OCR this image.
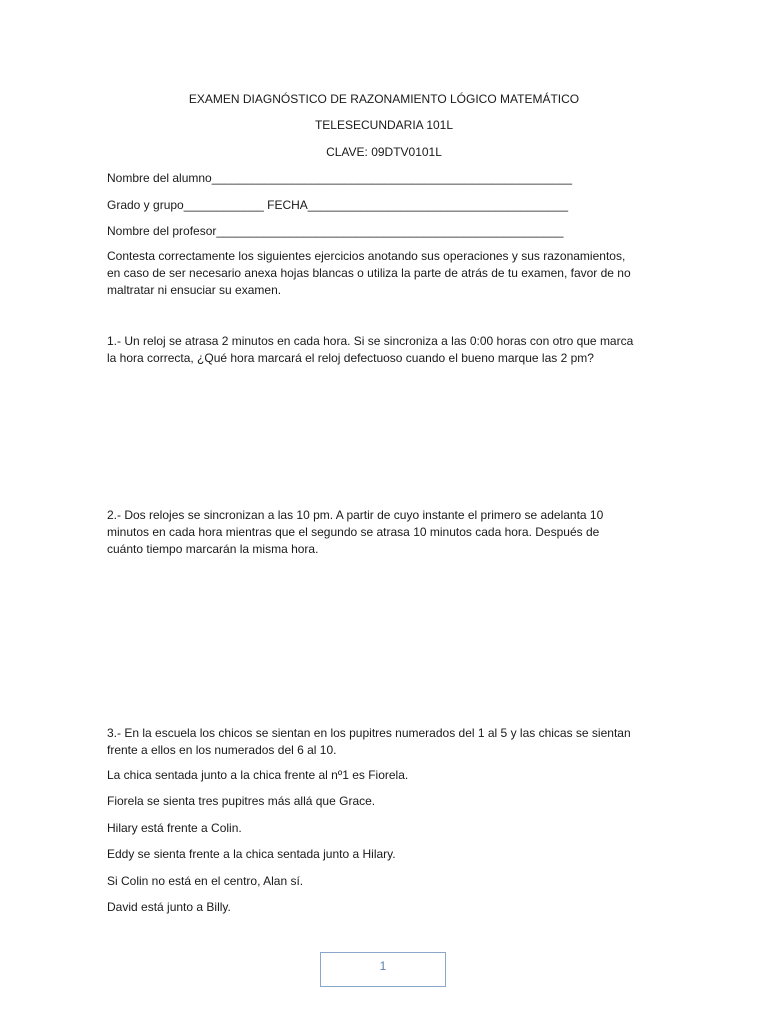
EXAMEN DIAGNÓSTICO DE RAZONAMIENTO LÓGICO MATEMÁTICO
TELESECUNDARIA 101L
CLAVE: 09DTV0101L
Nombre del alumno______________________________________________________
Grado y grupo____________ FECHA_______________________________________
Nombre del profesor____________________________________________________
Contesta correctamente los siguientes ejercicios anotando sus operaciones y sus razonamientos,
en caso de ser necesario anexa hojas blancas o utiliza la parte de atrás de tu examen, favor de no
maltratar ni ensuciar su examen.
1.- Un reloj se atrasa 2 minutos en cada hora. Si se sincroniza a las 0:00 horas con otro que marca
la hora correcta, ¿Qué hora marcará el reloj defectuoso cuando el bueno marque las 2 pm?
2.- Dos relojes se sincronizan a las 10 pm. A partir de cuyo instante el primero se adelanta 10
minutos en cada hora mientras que el segundo se atrasa 10 minutos cada hora. Después de
cuánto tiempo marcarán la misma hora.
3.- En la escuela los chicos se sientan en los pupitres numerados del 1 al 5 y las chicas se sientan
frente a ellos en los numerados del 6 al 10.
La chica sentada junto a la chica frente al nº1 es Fiorela.
Fiorela se sienta tres pupitres más allá que Grace.
Hilary está frente a Colin.
Eddy se sienta frente a la chica sentada junto a Hilary.
Si Colin no está en el centro, Alan sí.
David está junto a Billy.
1
